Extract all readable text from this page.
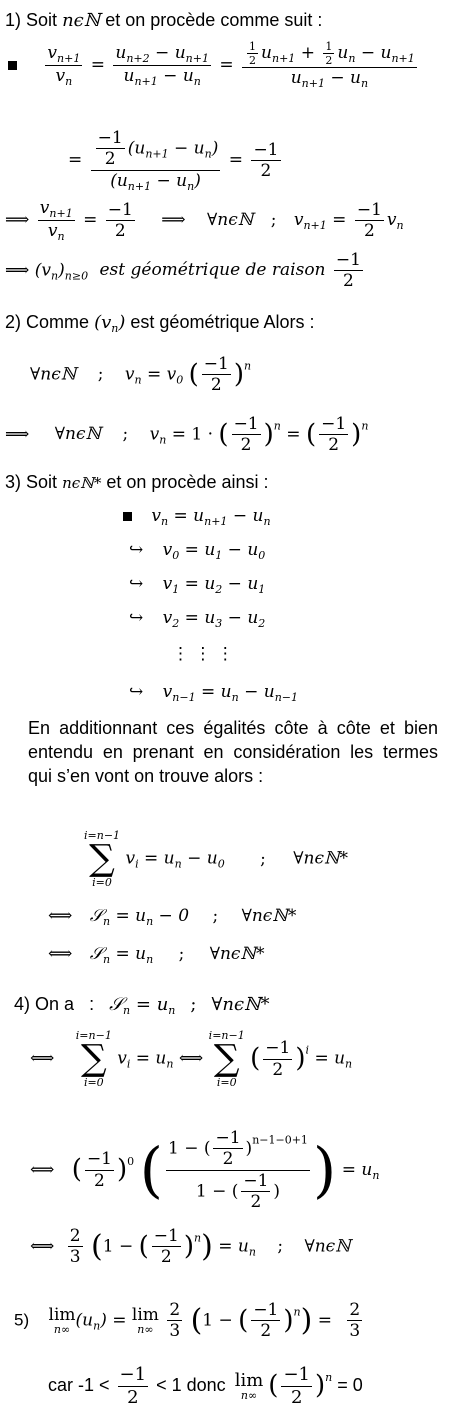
1) Soit nϵℕ et on procède comme suit :

$\frac{v_{n+1}}{v_n} = \frac{u_{n+2} - u_{n+1}}{u_{n+1} - u_n} = \frac{\frac{1}{2} u_{n+1} + \frac{1}{2} u_n - u_{n+1}}{u_{n+1} - u_n}$
= $\frac{\frac{-1}{2} (u_{n+1} - u_n)}{(u_{n+1} - u_n)} = \frac{-1}{2}$
⟹ $\frac{v_{n+1}}{v_n} = \frac{-1}{2}$ ⟹ ∀nϵℕ ; $v_{n+1} = \frac{-1}{2} v_n$
⟹ $(v_n)_{n\ge 0}$ est géométrique de raison $\frac{-1}{2}$
2) Comme $(v_n)$ est géométrique Alors :
∀nϵℕ ; $v_n = v_0$ ( $\frac{-1}{2} )^n$
⟹ ∀nϵℕ ; $v_n = 1$ · ( $\frac{-1}{2} )^n$ = ( $\frac{-1}{2} )^n$
3) Soit nϵℕ* et on procède ainsi :
$v_n = u_{n+1} - u_n$
↪ $v_0 = u_1 - u_0$
↪ $v_1 = u_2 - u_1$
↪ $v_2 = u_3 - u_2$
⋮ ⋮ ⋮
↪ $v_{n-1} = u_n - u_{n-1}$
En additionnant ces égalités côte à côte et bien entendu en prenant en considération les termes qui s’en vont on trouve alors :
i=n−1
∑
i=0
$v_i = u_n - u_0$ ; ∀nϵℕ*
⟺ 𝒮$_n$ = $u_n - 0$ ; ∀nϵℕ*
⟺ 𝒮$_n$ = $u_n$ ; ∀nϵℕ*
4) On a : 𝒮$_n$ = $u_n$ ; ∀nϵℕ*
⟺
i=n−1
∑
i=0
$v_i = u_n$ ⟺
i=n−1
∑
i=0
( $\frac{-1}{2} )^i = u_n$
⟺ ( $\frac{-1}{2} )^0$ ( $\frac{1 - ( \frac{-1}{2} )^{n-1-0+1}}{1 - ( \frac{-1}{2} )}$ ) = $u_n$
⟺ $\frac{2}{3} (1$ − ( $\frac{-1}{2} )^n) = u_n$ ; ∀nϵℕ
5) lim
n∞ $(u_n) = \lim$
n∞
$\frac{2}{3} (1$ − ( $\frac{-1}{2} )^n) = \frac{2}{3}$
car $-1 < \frac{-1}{2} < 1$ donc lim
n∞ ( $\frac{-1}{2} )^n = 0$
